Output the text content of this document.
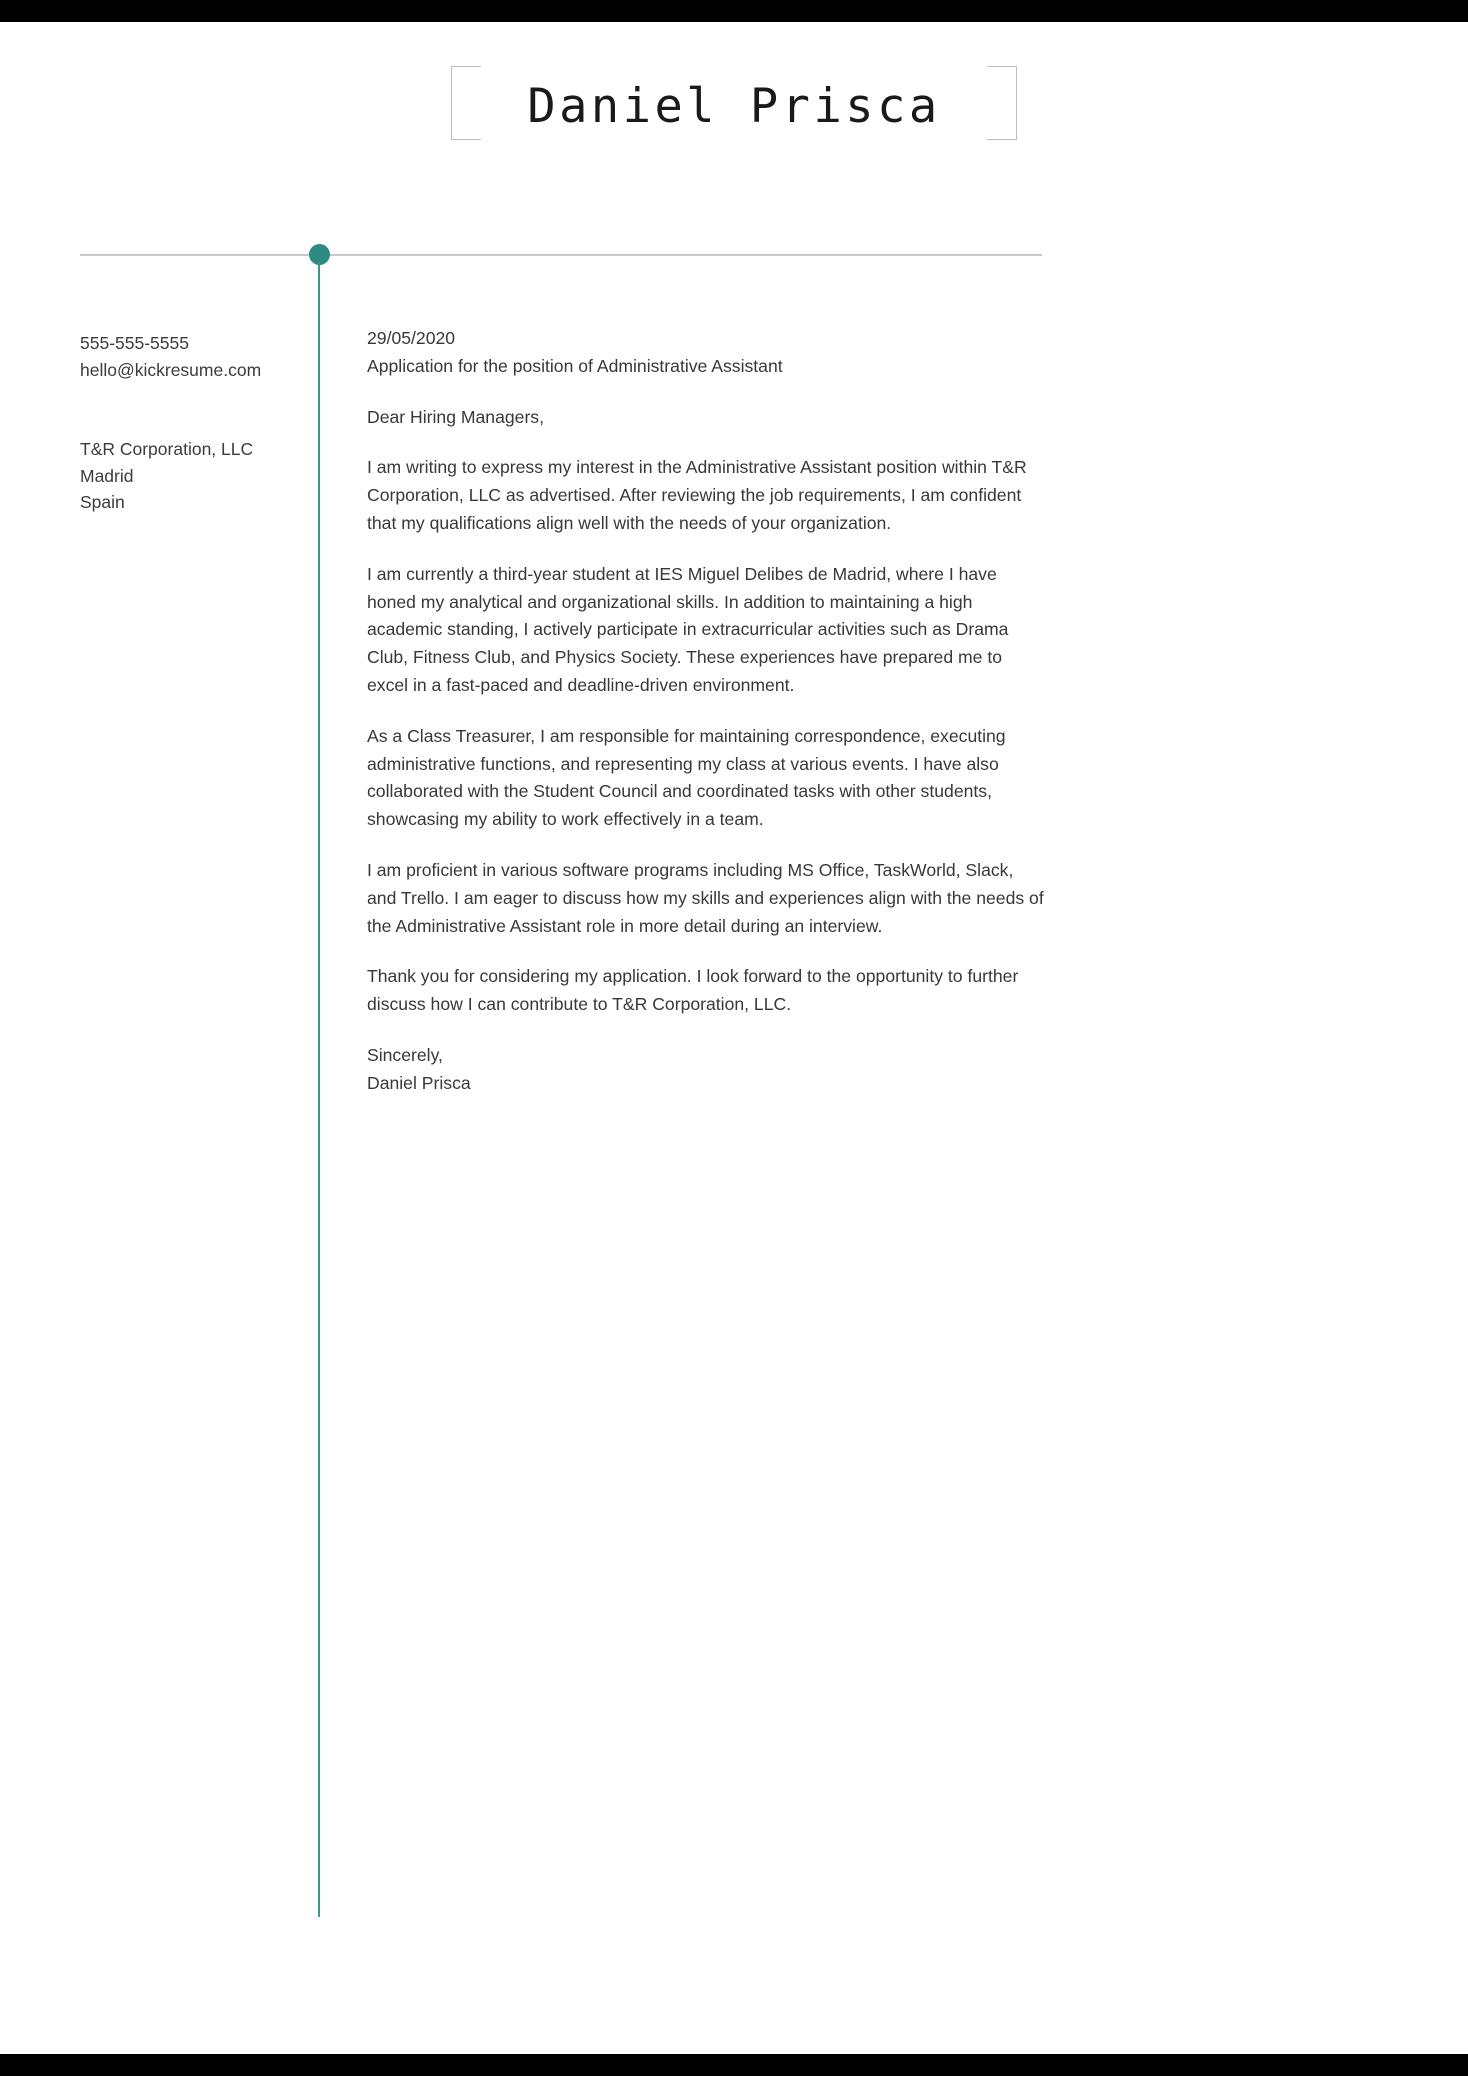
Daniel Prisca
555-555-5555
hello@kickresume.com
T&R Corporation, LLC
Madrid
Spain

29/05/2020
Application for the position of Administrative Assistant

Dear Hiring Managers,

I am writing to express my interest in the Administrative Assistant position within T&R Corporation, LLC as advertised. After reviewing the job requirements, I am confident that my qualifications align well with the needs of your organization.

I am currently a third-year student at IES Miguel Delibes de Madrid, where I have honed my analytical and organizational skills. In addition to maintaining a high academic standing, I actively participate in extracurricular activities such as Drama Club, Fitness Club, and Physics Society. These experiences have prepared me to excel in a fast-paced and deadline-driven environment.

As a Class Treasurer, I am responsible for maintaining correspondence, executing administrative functions, and representing my class at various events. I have also collaborated with the Student Council and coordinated tasks with other students, showcasing my ability to work effectively in a team.

I am proficient in various software programs including MS Office, TaskWorld, Slack, and Trello. I am eager to discuss how my skills and experiences align with the needs of the Administrative Assistant role in more detail during an interview.

Thank you for considering my application. I look forward to the opportunity to further discuss how I can contribute to T&R Corporation, LLC.

Sincerely,
Daniel Prisca
